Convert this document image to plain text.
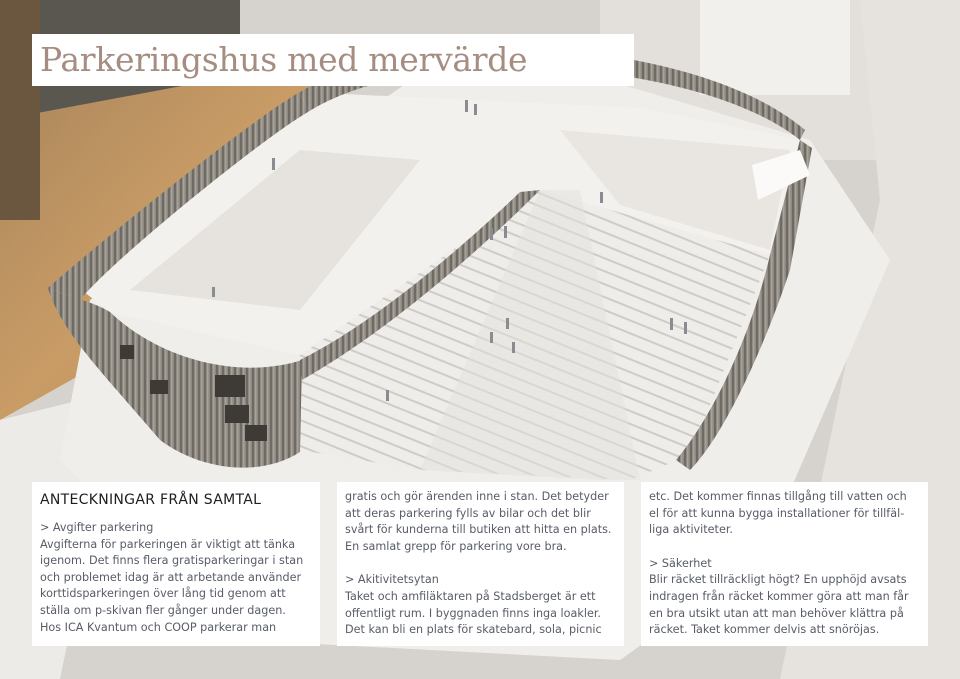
Parkeringshus med mervärde
ANTECKNINGAR FRÅN SAMTAL

> Avgifter parkering

Avgifterna för parkeringen är viktigt att tänka

igenom. Det finns flera gratisparkeringar i stan

och problemet idag är att arbetande använder

korttidsparkeringen över lång tid genom att

ställa om p-skivan fler gånger under dagen.

Hos ICA Kvantum och COOP parkerar man

gratis och gör ärenden inne i stan. Det betyder

att deras parkering fylls av bilar och det blir

svårt för kunderna till butiken att hitta en plats.

En samlat grepp för parkering vore bra.

> Akitivitetsytan

Taket och amfiläktaren på Stadsberget är ett

offentligt rum. I byggnaden finns inga loakler.

Det kan bli en plats för skatebard, sola, picnic

etc. Det kommer finnas tillgång till vatten och

el för att kunna bygga installationer för tillfäl-

liga aktiviteter.

> Säkerhet

Blir räcket tillräckligt högt? En upphöjd avsats

indragen från räcket kommer göra att man får

en bra utsikt utan att man behöver klättra på

räcket. Taket kommer delvis att snöröjas.
